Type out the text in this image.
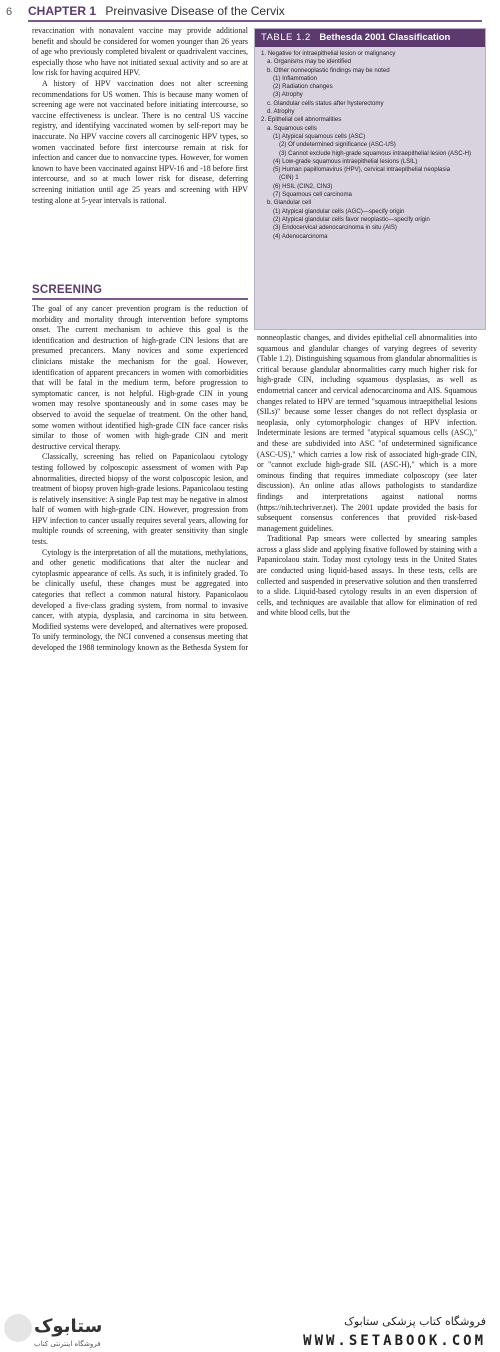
6 CHAPTER 1 Preinvasive Disease of the Cervix

revaccination with nonavalent vaccine may provide additional benefit and should be considered for women younger than 26 years of age who previously completed bivalent or quadrivalent vaccines, especially those who have not initiated sexual activity and so are at low risk for having acquired HPV.

A history of HPV vaccination does not alter screening recommendations for US women. This is because many women of screening age were not vaccinated before initiating intercourse, so vaccine effectiveness is unclear. There is no central US vaccine registry, and identifying vaccinated women by self-report may be inaccurate. No HPV vaccine covers all carcinogenic HPV types, so women vaccinated before first intercourse remain at risk for infection and cancer due to nonvaccine types. However, for women known to have been vaccinated against HPV-16 and -18 before first intercourse, and so at much lower risk for disease, deferring screening initiation until age 25 years and screening with HPV testing alone at 5-year intervals is rational.

SCREENING

The goal of any cancer prevention program is the reduction of morbidity and mortality through intervention before symptoms onset. The current mechanism to achieve this goal is the identification and destruction of high-grade CIN lesions that are presumed precancers. Many novices and some experienced clinicians mistake the mechanism for the goal. However, identification of apparent precancers in women with comorbidities that will be fatal in the medium term, before progression to symptomatic cancer, is not helpful. High-grade CIN in young women may resolve spontaneously and in some cases may be observed to avoid the sequelae of treatment. On the other hand, some women without identified high-grade CIN face cancer risks similar to those of women with high-grade CIN and merit destructive cervical therapy.

Classically, screening has relied on Papanicolaou cytology testing followed by colposcopic assessment of women with Pap abnormalities, directed biopsy of the worst colposcopic lesion, and treatment of biopsy proven high-grade lesions. Papanicolaou testing is relatively insensitive: A single Pap test may be negative in almost half of women with high-grade CIN. However, progression from HPV infection to cancer usually requires several years, allowing for multiple rounds of screening, with greater sensitivity than single tests.

Cytology is the interpretation of all the mutations, methylations, and other genetic modifications that alter the nuclear and cytoplasmic appearance of cells. As such, it is infinitely graded. To be clinically useful, these changes must be aggregated into categories that reflect a common natural history. Papanicolaou developed a five-class grading system, from normal to invasive cancer, with atypia, dysplasia, and carcinoma in situ between. Modified systems were developed, and alternatives were proposed. To unify terminology, the NCI convened a consensus meeting that developed the 1988 terminology known as the Bethesda System for

TABLE 1.2 Bethesda 2001 Classification
1. Negative for intraepithelial lesion or malignancy
a. Organisms may be identified
b. Other nonneoplastic findings may be noted
(1) Inflammation
(2) Radiation changes
(3) Atrophy
c. Glandular cells status after hysterectomy
d. Atrophy
2. Epithelial cell abnormalities
a. Squamous cells
(1) Atypical squamous cells (ASC)
(2) Of undetermined significance (ASC-US)
(3) Cannot exclude high-grade squamous intraepithelial lesion (ASC-H)
(4) Low-grade squamous intraepithelial lesions (LSIL)
(5) Human papillomavirus (HPV), cervical intraepithelial neoplasia
(CIN) 1
(6) HSIL (CIN2, CIN3)
(7) Squamous cell carcinoma
b. Glandular cell
(1) Atypical glandular cells (AGC)—specify origin
(2) Atypical glandular cells favor neoplastic—specify origin
(3) Endocervical adenocarcinoma in situ (AIS)
(4) Adenocarcinoma

nonneoplastic changes, and divides epithelial cell abnormalities into squamous and glandular changes of varying degrees of severity (Table 1.2). Distinguishing squamous from glandular abnormalities is critical because glandular abnormalities carry much higher risk for high-grade CIN, including squamous dysplasias, as well as endometrial cancer and cervical adenocarcinoma and AIS. Squamous changes related to HPV are termed "squamous intraepithelial lesions (SILs)" because some lesser changes do not reflect dysplasia or neoplasia, only cytomorphologic changes of HPV infection. Indeterminate lesions are termed "atypical squamous cells (ASC)," and these are subdivided into ASC "of undetermined significance (ASC-US)," which carries a low risk of associated high-grade CIN, or "cannot exclude high-grade SIL (ASC-H)," which is a more ominous finding that requires immediate colposcopy (see later discussion). An online atlas allows pathologists to standardize findings and interpretations against national norms (https://nih.techriver.net). The 2001 update provided the basis for subsequent consensus conferences that provided risk-based management guidelines.

Traditional Pap smears were collected by smearing samples across a glass slide and applying fixative followed by staining with a Papanicolaou stain. Today most cytology tests in the United States are conducted using liquid-based assays. In these tests, cells are collected and suspended in preservative solution and then transferred to a slide. Liquid-based cytology results in an even dispersion of cells, and techniques are available that allow for elimination of red and white blood cells, but the

ستابوک
فروشگاه اینترنتی کتاب
فروشگاه کتاب پزشکی ستابوک
WWW.SETABOOK.COM
